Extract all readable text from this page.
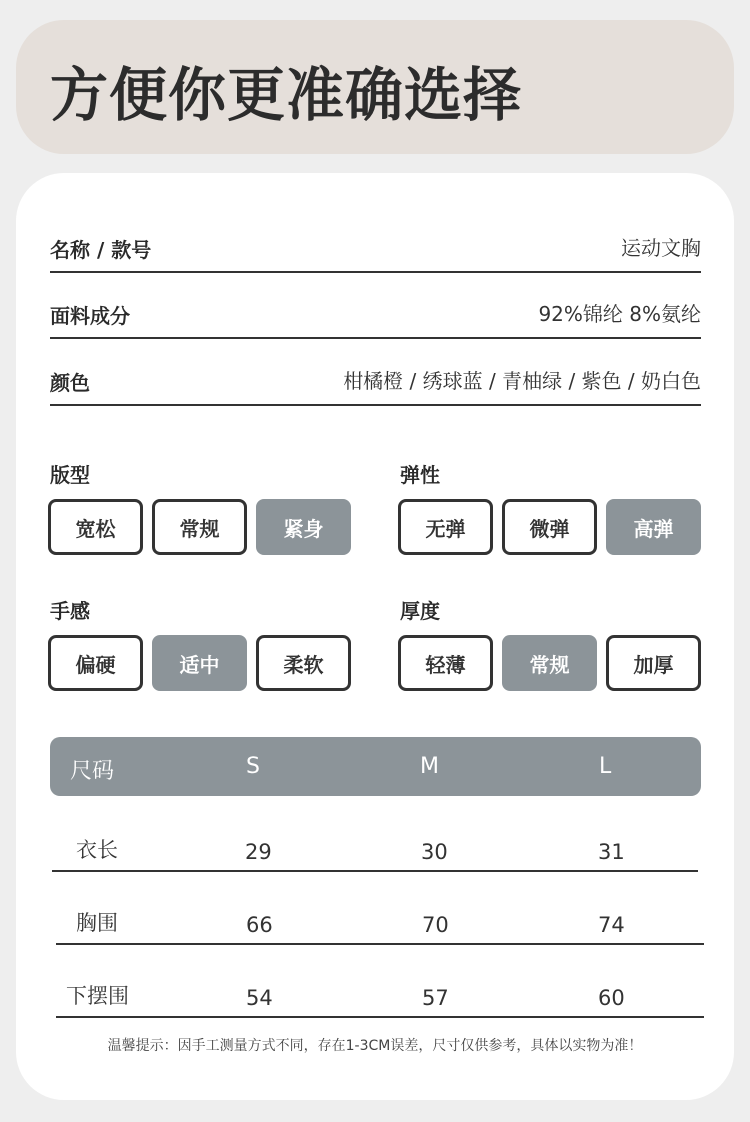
方便你更准确选择
名称 / 款号	运动文胸
面料成分	92%锦纶 8%氨纶
颜色	柑橘橙 / 绣球蓝 / 青柚绿 / 紫色 / 奶白色
版型
宽松	常规	紧身
弹性
无弹	微弹	高弹
手感
偏硬	适中	柔软
厚度
轻薄	常规	加厚
尺码	S	M	L
衣长	29	30	31
胸围	66	70	74
下摆围	54	57	60
温馨提示：因手工测量方式不同，存在1-3CM误差，尺寸仅供参考，具体以实物为准！
